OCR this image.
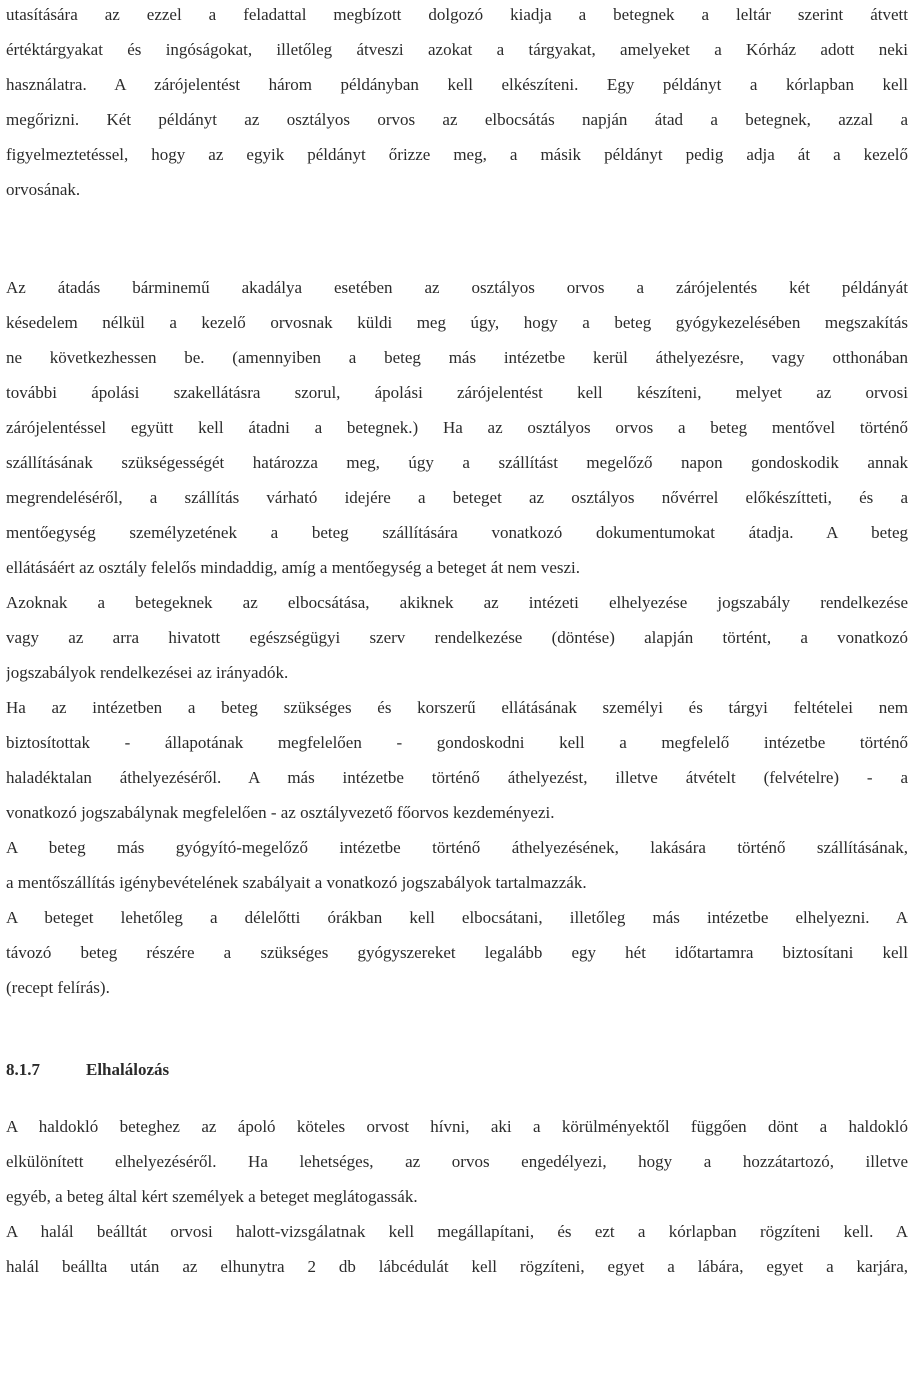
utasítására az ezzel a feladattal megbízott dolgozó kiadja a betegnek a leltár szerint átvett
értéktárgyakat és ingóságokat, illetőleg átveszi azokat a tárgyakat, amelyeket a Kórház adott neki
használatra. A zárójelentést három példányban kell elkészíteni. Egy példányt a kórlapban kell
megőrizni. Két példányt az osztályos orvos az elbocsátás napján átad a betegnek, azzal a
figyelmeztetéssel, hogy az egyik példányt őrizze meg, a másik példányt pedig adja át a kezelő
orvosának.
Az átadás bárminemű akadálya esetében az osztályos orvos a zárójelentés két példányát
késedelem nélkül a kezelő orvosnak küldi meg úgy, hogy a beteg gyógykezelésében megszakítás
ne következhessen be. (amennyiben a beteg más intézetbe kerül áthelyezésre, vagy otthonában
további ápolási szakellátásra szorul, ápolási zárójelentést kell készíteni, melyet az orvosi
zárójelentéssel együtt kell átadni a betegnek.) Ha az osztályos orvos a beteg mentővel történő
szállításának szükségességét határozza meg, úgy a szállítást megelőző napon gondoskodik annak
megrendeléséről, a szállítás várható idejére a beteget az osztályos nővérrel előkészítteti, és a
mentőegység személyzetének a beteg szállítására vonatkozó dokumentumokat átadja. A beteg
ellátásáért az osztály felelős mindaddig, amíg a mentőegység a beteget át nem veszi.
Azoknak a betegeknek az elbocsátása, akiknek az intézeti elhelyezése jogszabály rendelkezése
vagy az arra hivatott egészségügyi szerv rendelkezése (döntése) alapján történt, a vonatkozó
jogszabályok rendelkezései az irányadók.
Ha az intézetben a beteg szükséges és korszerű ellátásának személyi és tárgyi feltételei nem
biztosítottak - állapotának megfelelően - gondoskodni kell a megfelelő intézetbe történő
haladéktalan áthelyezéséről. A más intézetbe történő áthelyezést, illetve átvételt (felvételre) - a
vonatkozó jogszabálynak megfelelően - az osztályvezető főorvos kezdeményezi.
A beteg más gyógyító-megelőző intézetbe történő áthelyezésének, lakására történő szállításának,
a mentőszállítás igénybevételének szabályait a vonatkozó jogszabályok tartalmazzák.
A beteget lehetőleg a délelőtti órákban kell elbocsátani, illetőleg más intézetbe elhelyezni. A
távozó beteg részére a szükséges gyógyszereket legalább egy hét időtartamra biztosítani kell
(recept felírás).
8.1.7	Elhalálozás
A haldokló beteghez az ápoló köteles orvost hívni, aki a körülményektől függően dönt a haldokló
elkülönített elhelyezéséről. Ha lehetséges, az orvos engedélyezi, hogy a hozzátartozó, illetve
egyéb, a beteg által kért személyek a beteget meglátogassák.
A halál beálltát orvosi halott-vizsgálatnak kell megállapítani, és ezt a kórlapban rögzíteni kell. A
halál beállta után az elhunytra 2 db lábcédulát kell rögzíteni, egyet a lábára, egyet a karjára,
